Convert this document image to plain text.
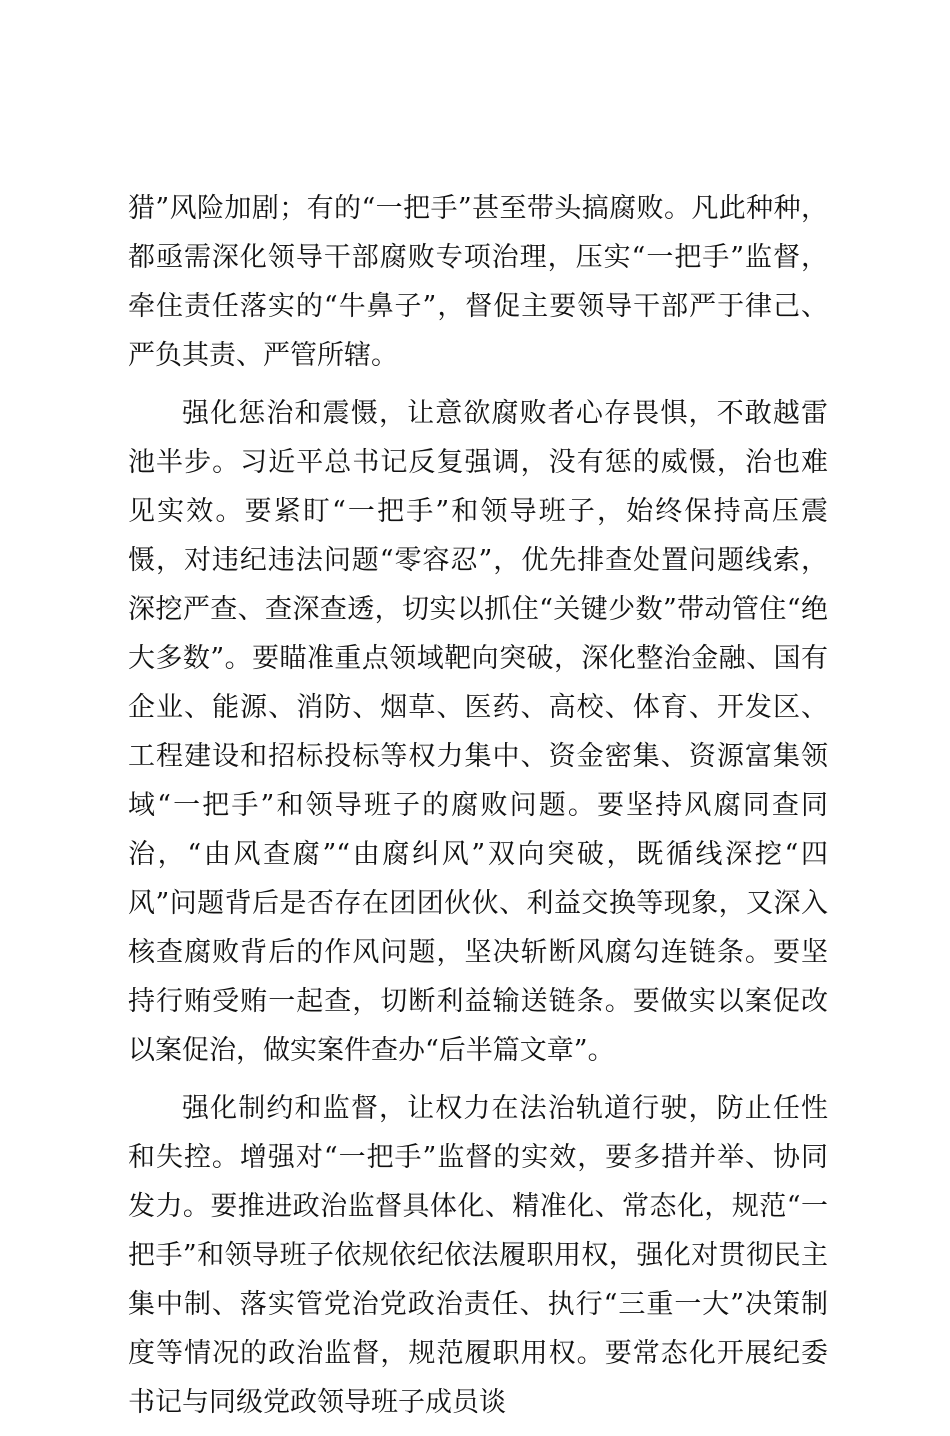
猎”风险加剧；有的“一把手”甚至带头搞腐败。凡此种种，都亟需深化领导干部腐败专项治理，压实“一把手”监督，牵住责任落实的“牛鼻子”，督促主要领导干部严于律己、严负其责、严管所辖。

强化惩治和震慑，让意欲腐败者心存畏惧，不敢越雷池半步。习近平总书记反复强调，没有惩的威慑，治也难见实效。要紧盯“一把手”和领导班子，始终保持高压震慑，对违纪违法问题“零容忍”，优先排查处置问题线索，深挖严查、查深查透，切实以抓住“关键少数”带动管住“绝大多数”。要瞄准重点领域靶向突破，深化整治金融、国有企业、能源、消防、烟草、医药、高校、体育、开发区、工程建设和招标投标等权力集中、资金密集、资源富集领域“一把手”和领导班子的腐败问题。要坚持风腐同查同治，“由风查腐”“由腐纠风”双向突破，既循线深挖“四风”问题背后是否存在团团伙伙、利益交换等现象，又深入核查腐败背后的作风问题，坚决斩断风腐勾连链条。要坚持行贿受贿一起查，切断利益输送链条。要做实以案促改以案促治，做实案件查办“后半篇文章”。

强化制约和监督，让权力在法治轨道行驶，防止任性和失控。增强对“一把手”监督的实效，要多措并举、协同发力。要推进政治监督具体化、精准化、常态化，规范“一把手”和领导班子依规依纪依法履职用权，强化对贯彻民主集中制、落实管党治党政治责任、执行“三重一大”决策制度等情况的政治监督，规范履职用权。要常态化开展纪委书记与同级党政领导班子成员谈
